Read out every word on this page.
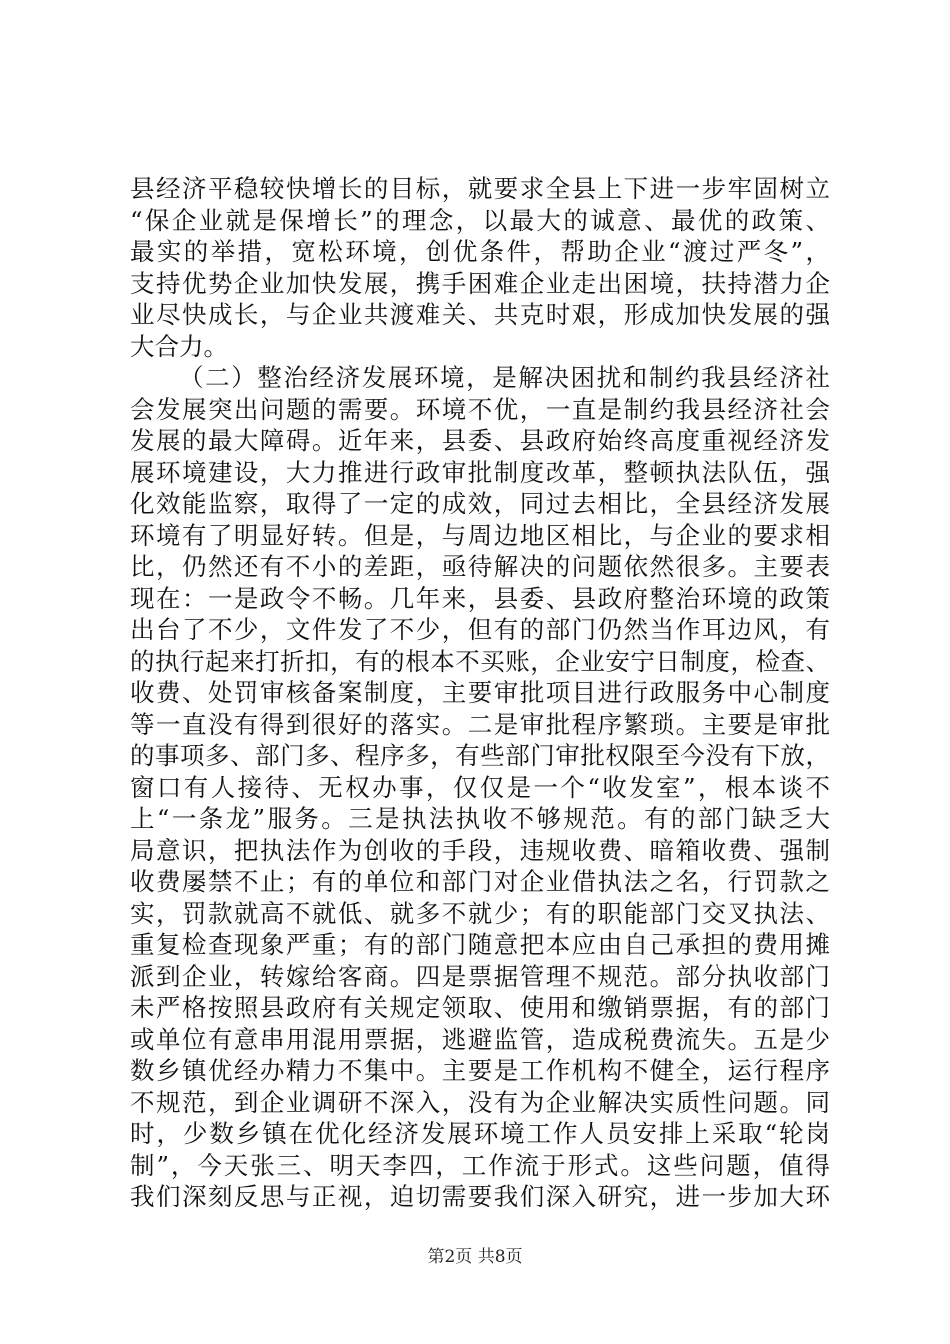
县经济平稳较快增长的目标，就要求全县上下进一步牢固树立
“保企业就是保增长”的理念，以最大的诚意、最优的政策、
最实的举措，宽松环境，创优条件，帮助企业“渡过严冬”，
支持优势企业加快发展，携手困难企业走出困境，扶持潜力企
业尽快成长，与企业共渡难关、共克时艰，形成加快发展的强
大合力。
（二）整治经济发展环境，是解决困扰和制约我县经济社
会发展突出问题的需要。环境不优，一直是制约我县经济社会
发展的最大障碍。近年来，县委、县政府始终高度重视经济发
展环境建设，大力推进行政审批制度改革，整顿执法队伍，强
化效能监察，取得了一定的成效，同过去相比，全县经济发展
环境有了明显好转。但是，与周边地区相比，与企业的要求相
比，仍然还有不小的差距，亟待解决的问题依然很多。主要表
现在：一是政令不畅。几年来，县委、县政府整治环境的政策
出台了不少，文件发了不少，但有的部门仍然当作耳边风，有
的执行起来打折扣，有的根本不买账，企业安宁日制度，检查、
收费、处罚审核备案制度，主要审批项目进行政服务中心制度
等一直没有得到很好的落实。二是审批程序繁琐。主要是审批
的事项多、部门多、程序多，有些部门审批权限至今没有下放，
窗口有人接待、无权办事，仅仅是一个“收发室”，根本谈不
上“一条龙”服务。三是执法执收不够规范。有的部门缺乏大
局意识，把执法作为创收的手段，违规收费、暗箱收费、强制
收费屡禁不止；有的单位和部门对企业借执法之名，行罚款之
实，罚款就高不就低、就多不就少；有的职能部门交叉执法、
重复检查现象严重；有的部门随意把本应由自己承担的费用摊
派到企业，转嫁给客商。四是票据管理不规范。部分执收部门
未严格按照县政府有关规定领取、使用和缴销票据，有的部门
或单位有意串用混用票据，逃避监管，造成税费流失。五是少
数乡镇优经办精力不集中。主要是工作机构不健全，运行程序
不规范，到企业调研不深入，没有为企业解决实质性问题。同
时，少数乡镇在优化经济发展环境工作人员安排上采取“轮岗
制”，今天张三、明天李四，工作流于形式。这些问题，值得
我们深刻反思与正视，迫切需要我们深入研究，进一步加大环
第2页 共8页
